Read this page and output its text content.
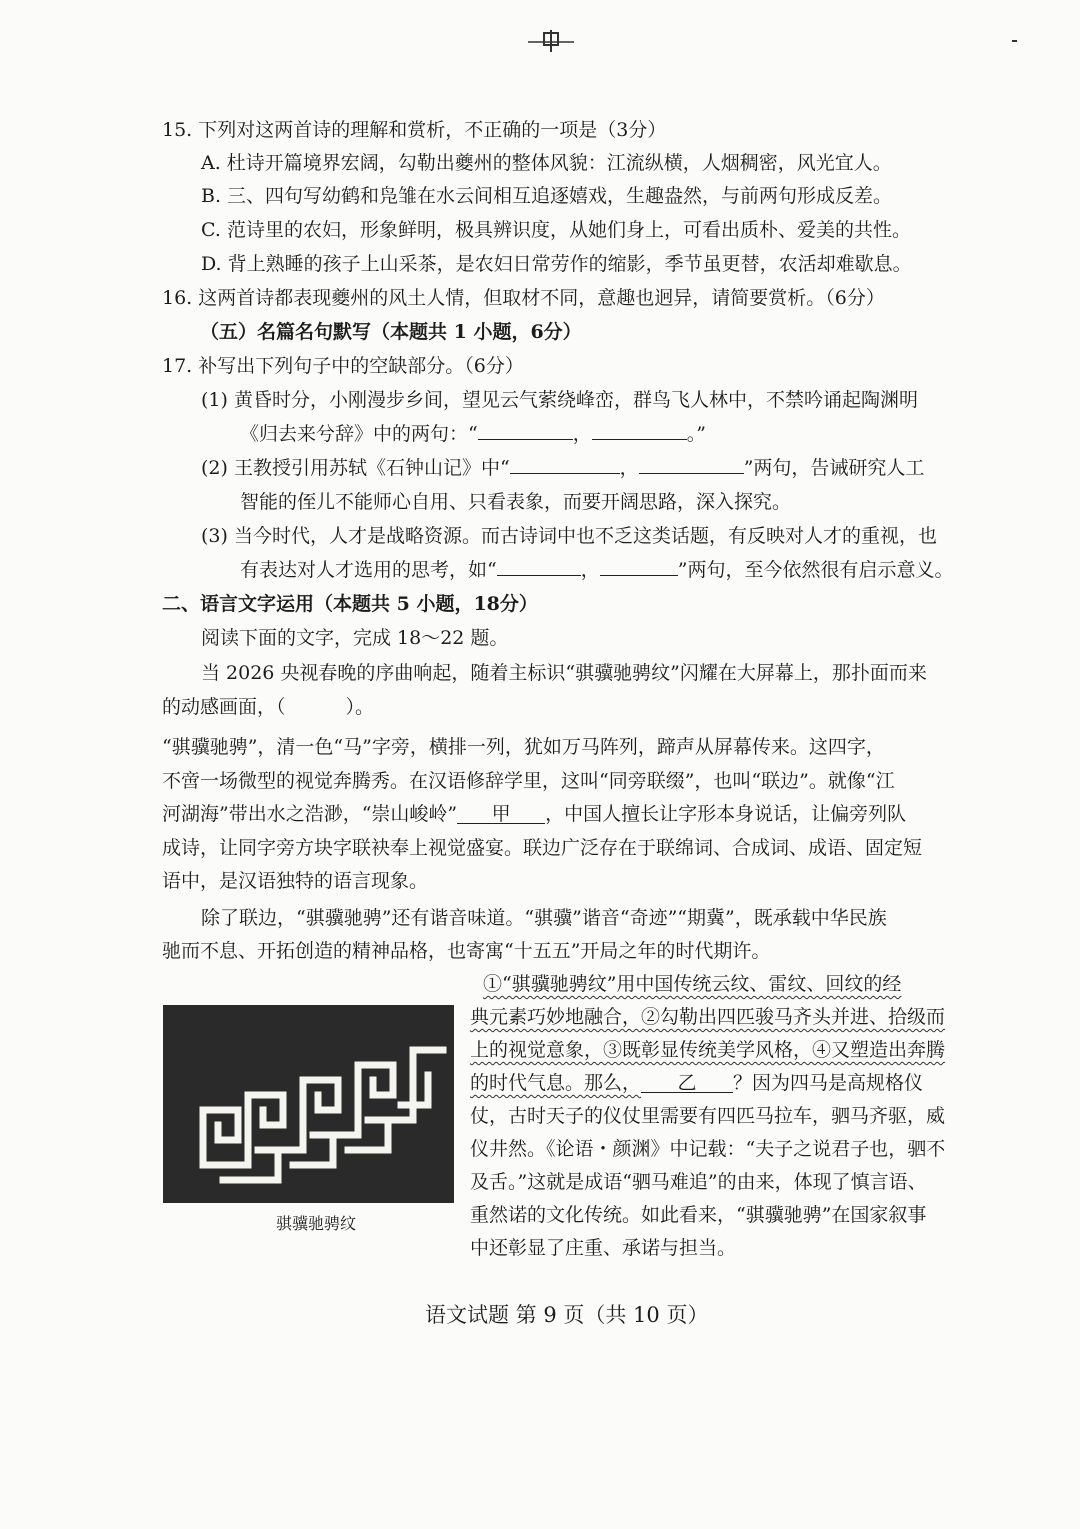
15. 下列对这两首诗的理解和赏析，不正确的一项是（3分）
A. 杜诗开篇境界宏阔，勾勒出夔州的整体风貌：江流纵横，人烟稠密，风光宜人。
B. 三、四句写幼鹤和凫雏在水云间相互追逐嬉戏，生趣盎然，与前两句形成反差。
C. 范诗里的农妇，形象鲜明，极具辨识度，从她们身上，可看出质朴、爱美的共性。
D. 背上熟睡的孩子上山采茶，是农妇日常劳作的缩影，季节虽更替，农活却难歇息。
16. 这两首诗都表现夔州的风土人情，但取材不同，意趣也迥异，请简要赏析。（6分）
（五）名篇名句默写（本题共 1 小题，6分）
17. 补写出下列句子中的空缺部分。（6分）
(1) 黄昏时分，小刚漫步乡间，望见云气萦绕峰峦，群鸟飞人林中，不禁吟诵起陶渊明
《归去来兮辞》中的两句：“	，	。”
(2) 王教授引用苏轼《石钟山记》中“	，	”两句，告诫研究人工
智能的侄儿不能师心自用、只看表象，而要开阔思路，深入探究。
(3) 当今时代，人才是战略资源。而古诗词中也不乏这类话题，有反映对人才的重视，也
有表达对人才选用的思考，如“	，	”两句，至今依然很有启示意义。
二、语言文字运用（本题共 5 小题，18分）
阅读下面的文字，完成 18～22 题。
当 2026 央视春晚的序曲响起，随着主标识“骐骥驰骋纹”闪耀在大屏幕上，那扑面而来
的动感画面，（	）。
“骐骥驰骋”，清一色“马”字旁，横排一列，犹如万马阵列，蹄声从屏幕传来。这四字，
不啻一场微型的视觉奔腾秀。在汉语修辞学里，这叫“同旁联缀”，也叫“联边”。就像“江
河湖海”带出水之浩渺，“崇山峻岭” 甲 ，中国人擅长让字形本身说话，让偏旁列队
成诗，让同字旁方块字联袂奉上视觉盛宴。联边广泛存在于联绵词、合成词、成语、固定短
语中，是汉语独特的语言现象。
除了联边，“骐骥驰骋”还有谐音味道。“骐骥”谐音“奇迹”“期冀”，既承载中华民族
驰而不息、开拓创造的精神品格，也寄寓“十五五”开局之年的时代期许。
骐骥驰骋纹
①“骐骥驰骋纹”用中国传统云纹、雷纹、回纹的经
典元素巧妙地融合，②勾勒出四匹骏马齐头并进、拾级而
上的视觉意象，③既彰显传统美学风格，④又塑造出奔腾
的时代气息。那么， 乙 ？因为四马是高规格仪
仗，古时天子的仪仗里需要有四匹马拉车，驷马齐驱，威
仪井然。《论语・颜渊》中记载：“夫子之说君子也，驷不
及舌。”这就是成语“驷马难追”的由来，体现了慎言语、
重然诺的文化传统。如此看来，“骐骥驰骋”在国家叙事
中还彰显了庄重、承诺与担当。
语文试题 第 9 页（共 10 页）
